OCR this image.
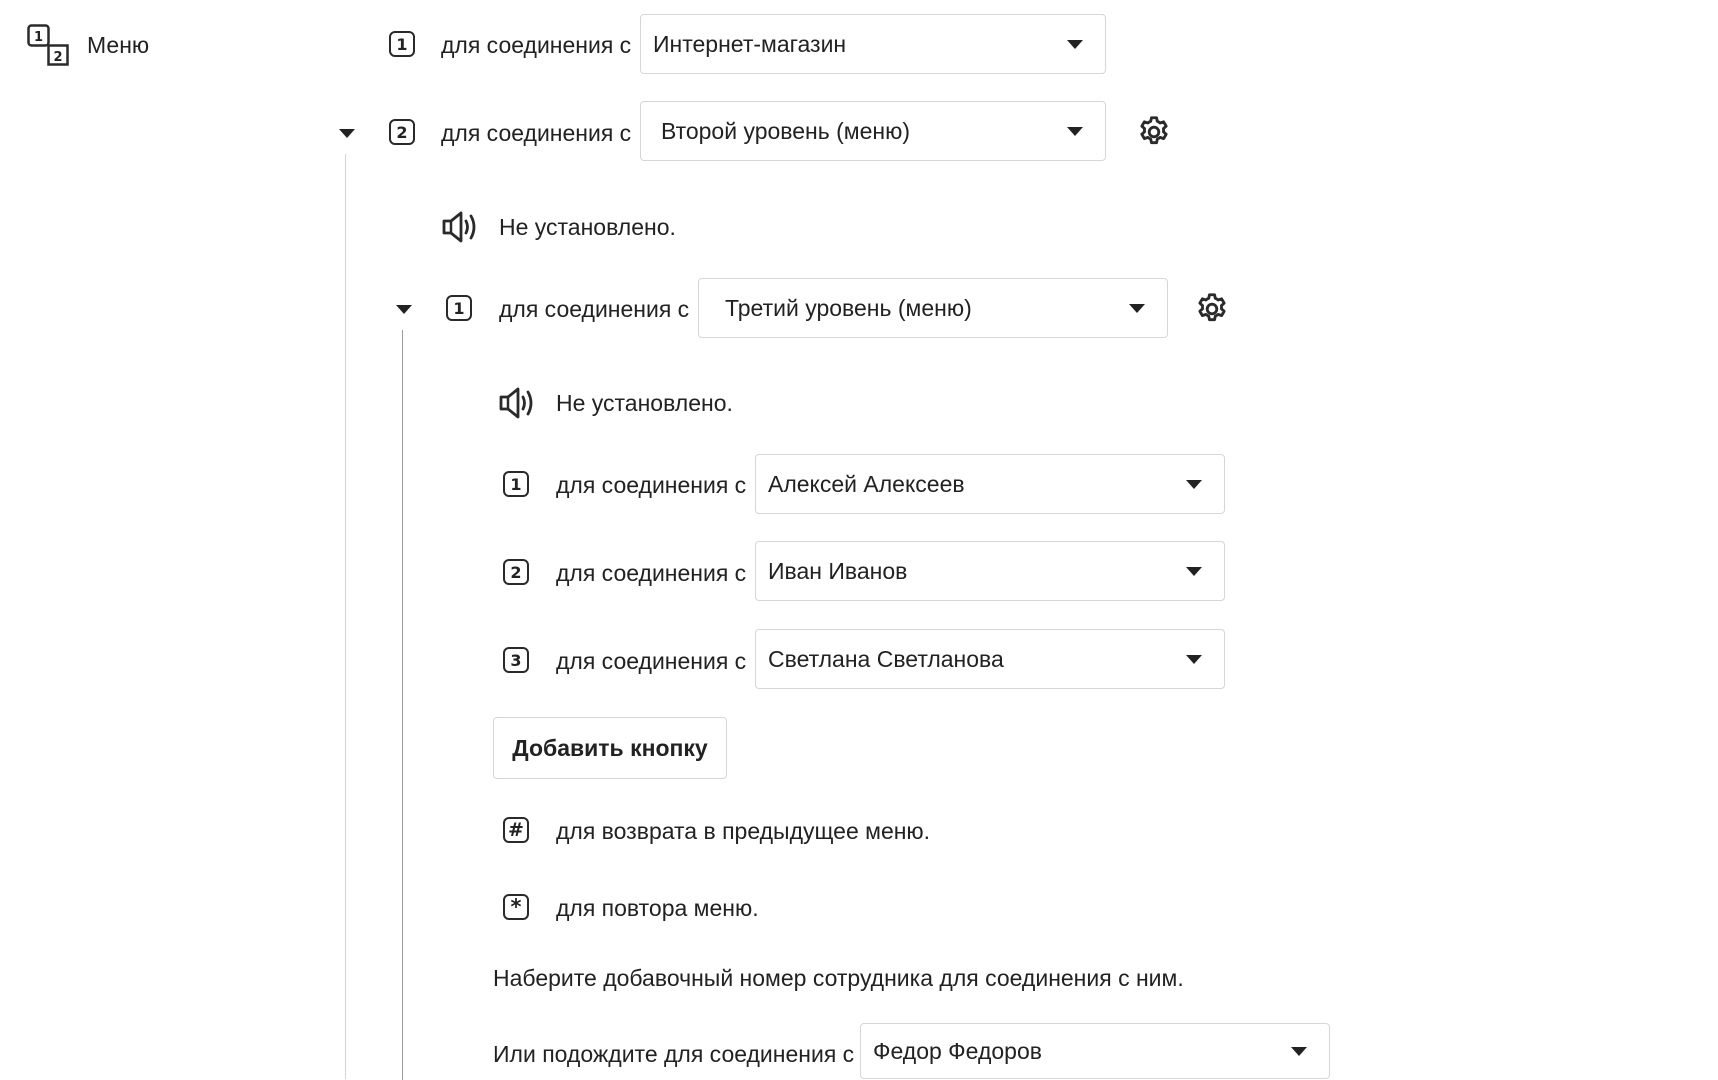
1
2 Меню	1	для соединения с Интернет-магазин
2	для соединения с Второй уровень (меню)
Не установлено.
1	для соединения с Третий уровень (меню)
Не установлено.
1	для соединения с Алексей Алексеев
2	для соединения с Иван Иванов
3	для соединения с Светлана Светланова
Добавить кнопку
# для возврата в предыдущее меню.
*	для повтора меню.
Наберите добавочный номер сотрудника для соединения с ним.
Или подождите для соединения с Федор Федоров
